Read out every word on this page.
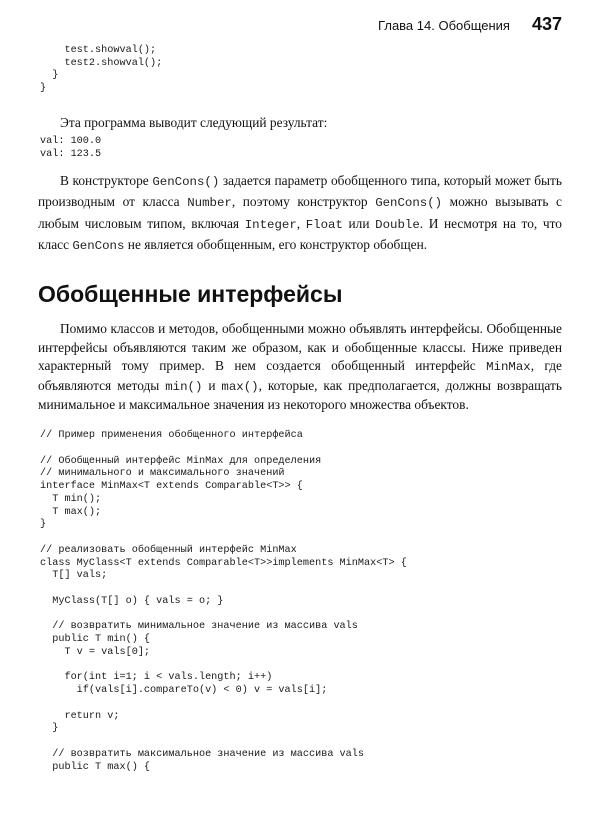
Глава 14. Обобщения 437
test.showval();
test2.showval();
}
}

Эта программа выводит следующий результат:

val: 100.0
val: 123.5

В конструкторе GenCons() задается параметр обобщенного типа, который может быть производным от класса Number, поэтому конструктор GenCons() можно вызывать с любым числовым типом, включая Integer, Float или Double. И несмотря на то, что класс GenCons не является обобщенным, его конструктор обобщен.

Обобщенные интерфейсы

Помимо классов и методов, обобщенными можно объявлять интерфейсы. Обобщенные интерфейсы объявляются таким же образом, как и обобщенные классы. Ниже приведен характерный тому пример. В нем создается обобщенный интерфейс MinMax, где объявляются методы min() и max(), которые, как предполагается, должны возвращать минимальное и максимальное значения из некоторого множества объектов.

// Пример применения обобщенного интерфейса

// Обобщенный интерфейс MinMax для определения
// минимального и максимального значений
interface MinMax<T extends Comparable<T>> {
T min();
T max();
}

// реализовать обобщенный интерфейс MinMax
class MyClass<T extends Comparable<T>>implements MinMax<T> {
T[] vals;

MyClass(T[] o) { vals = o; }

// возвратить минимальное значение из массива vals
public T min() {
T v = vals[0];

for(int i=1; i < vals.length; i++)
if(vals[i].compareTo(v) < 0) v = vals[i];

return v;
}

// возвратить максимальное значение из массива vals
public T max() {
